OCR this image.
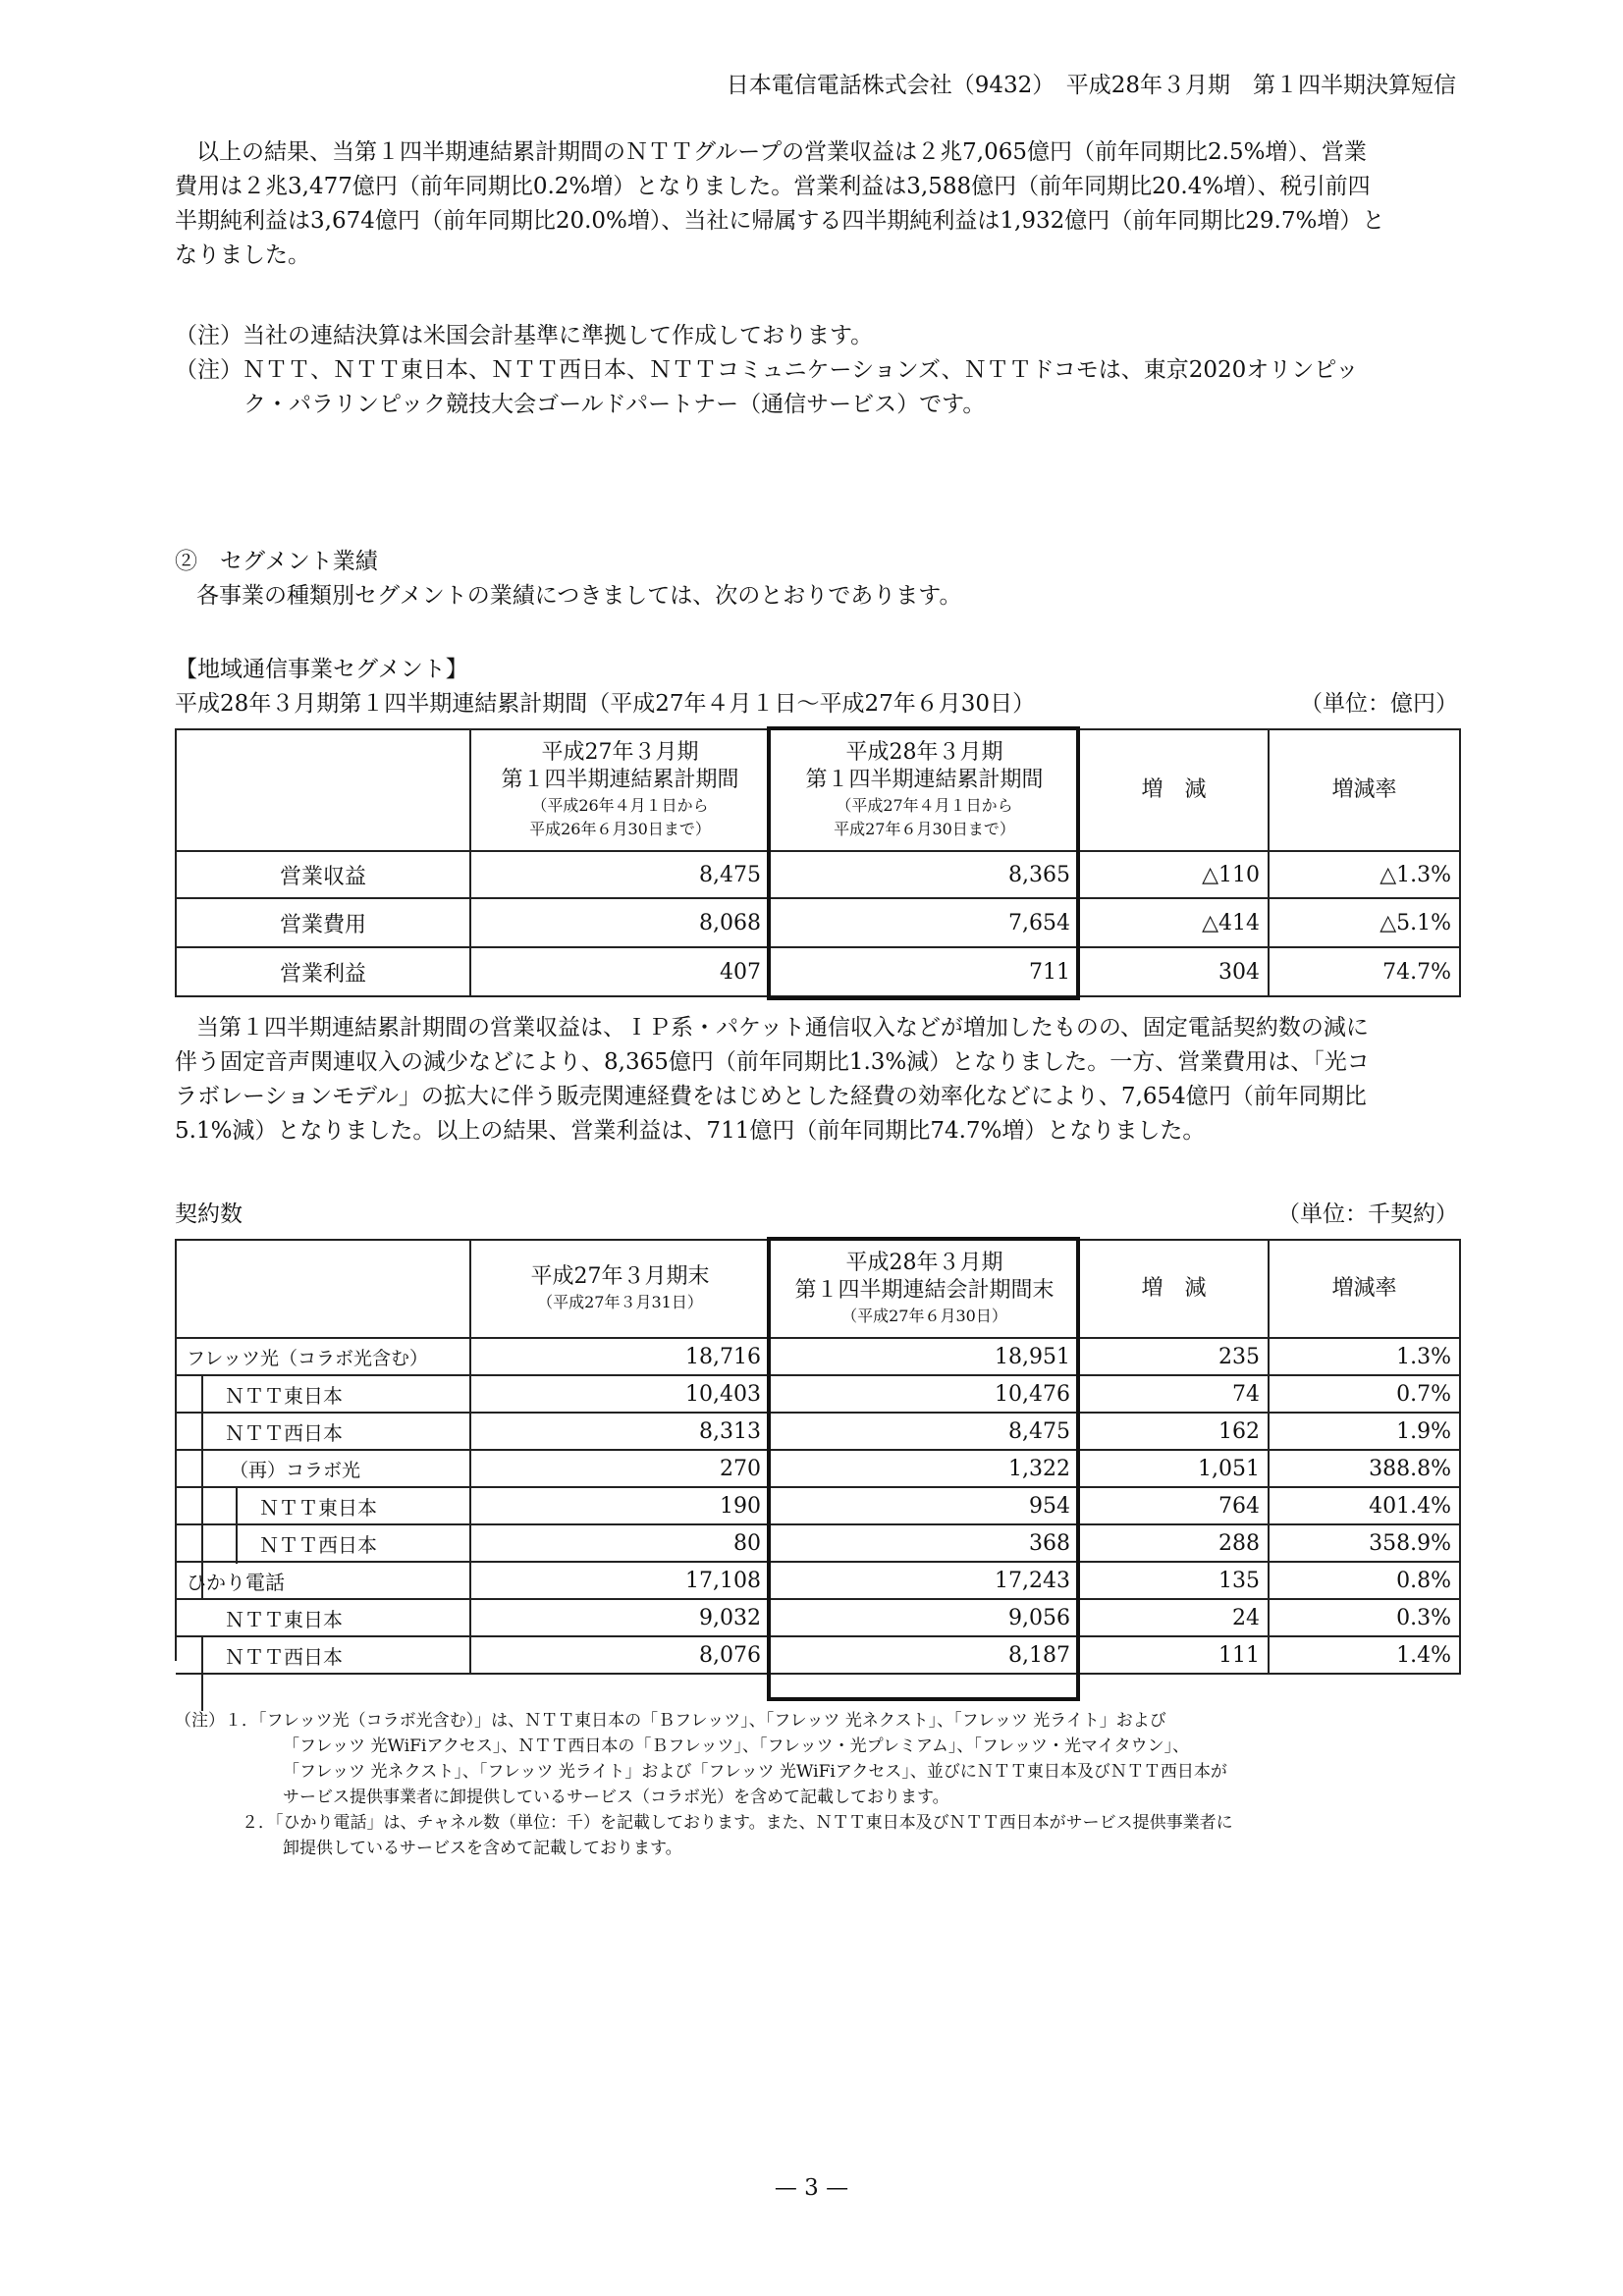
日本電信電話株式会社（9432）　平成28年３月期　第１四半期決算短信
以上の結果、当第１四半期連結累計期間のＮＴＴグループの営業収益は２兆7,065億円（前年同期比2.5%増）、営業
費用は２兆3,477億円（前年同期比0.2%増）となりました。営業利益は3,588億円（前年同期比20.4%増）、税引前四
半期純利益は3,674億円（前年同期比20.0%増）、当社に帰属する四半期純利益は1,932億円（前年同期比29.7%増）と
なりました。
（注）当社の連結決算は米国会計基準に準拠して作成しております。
（注）ＮＴＴ、ＮＴＴ東日本、ＮＴＴ西日本、ＮＴＴコミュニケーションズ、ＮＴＴドコモは、東京2020オリンピッ
ク・パラリンピック競技大会ゴールドパートナー（通信サービス）です。
②　セグメント業績
各事業の種類別セグメントの業績につきましては、次のとおりであります。
【地域通信事業セグメント】
平成28年３月期第１四半期連結累計期間（平成27年４月１日～平成27年６月30日）	（単位：億円）

	平成27年３月期
第１四半期連結累計期間
（平成26年４月１日から
平成26年６月30日まで）	平成28年３月期
第１四半期連結累計期間
（平成27年４月１日から
平成27年６月30日まで）	増　減	増減率
営業収益	8,475	8,365	△110	△1.3%
営業費用	8,068	7,654	△414	△5.1%
営業利益	407	711	304	74.7%
当第１四半期連結累計期間の営業収益は、ＩＰ系・パケット通信収入などが増加したものの、固定電話契約数の減に
伴う固定音声関連収入の減少などにより、8,365億円（前年同期比1.3%減）となりました。一方、営業費用は、「光コ
ラボレーションモデル」の拡大に伴う販売関連経費をはじめとした経費の効率化などにより、7,654億円（前年同期比
5.1%減）となりました。以上の結果、営業利益は、711億円（前年同期比74.7%増）となりました。
契約数	（単位：千契約）

	平成27年３月期末
（平成27年３月31日）	平成28年３月期
第１四半期連結会計期間末
（平成27年６月30日）	増　減	増減率
フレッツ光（コラボ光含む）	18,716	18,951	235	1.3%
ＮＴＴ東日本	10,403	10,476	74	0.7%
ＮＴＴ西日本	8,313	8,475	162	1.9%
（再）コラボ光	270	1,322	1,051	388.8%
ＮＴＴ東日本	190	954	764	401.4%
ＮＴＴ西日本	80	368	288	358.9%
ひかり電話	17,108	17,243	135	0.8%
ＮＴＴ東日本	9,032	9,056	24	0.3%
ＮＴＴ西日本	8,076	8,187	111	1.4%
（注）１．「フレッツ光（コラボ光含む）」は、ＮＴＴ東日本の「Ｂフレッツ」、「フレッツ 光ネクスト」、「フレッツ 光ライト」および
「フレッツ 光WiFiアクセス」、ＮＴＴ西日本の「Ｂフレッツ」、「フレッツ・光プレミアム」、「フレッツ・光マイタウン」、
「フレッツ 光ネクスト」、「フレッツ 光ライト」および「フレッツ 光WiFiアクセス」、並びにＮＴＴ東日本及びＮＴＴ西日本が
サービス提供事業者に卸提供しているサービス（コラボ光）を含めて記載しております。
２．「ひかり電話」は、チャネル数（単位：千）を記載しております。また、ＮＴＴ東日本及びＮＴＴ西日本がサービス提供事業者に
卸提供しているサービスを含めて記載しております。
— 3 —
